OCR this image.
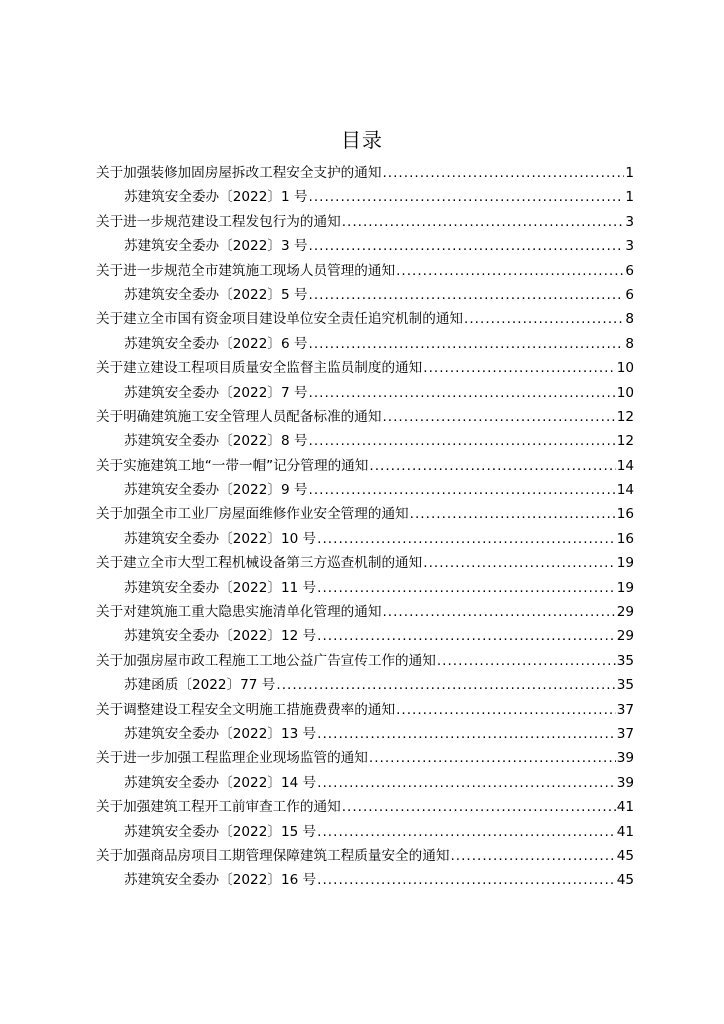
目录
关于加强装修加固房屋拆改工程安全支护的通知 .....	1
苏建筑安全委办〔2022〕1 号 .....	1
关于进一步规范建设工程发包行为的通知 .....	3
苏建筑安全委办〔2022〕3 号 .....	3
关于进一步规范全市建筑施工现场人员管理的通知 .....	6
苏建筑安全委办〔2022〕5 号 .....	6
关于建立全市国有资金项目建设单位安全责任追究机制的通知 .....	8
苏建筑安全委办〔2022〕6 号 .....	8
关于建立建设工程项目质量安全监督主监员制度的通知 .....	10
苏建筑安全委办〔2022〕7 号 .....	10
关于明确建筑施工安全管理人员配备标准的通知 .....	12
苏建筑安全委办〔2022〕8 号 .....	12
关于实施建筑工地“一带一帽”记分管理的通知 .....	14
苏建筑安全委办〔2022〕9 号 .....	14
关于加强全市工业厂房屋面维修作业安全管理的通知 .....	16
苏建筑安全委办〔2022〕10 号 .....	16
关于建立全市大型工程机械设备第三方巡查机制的通知 .....	19
苏建筑安全委办〔2022〕11 号 .....	19
关于对建筑施工重大隐患实施清单化管理的通知 .....	29
苏建筑安全委办〔2022〕12 号 .....	29
关于加强房屋市政工程施工工地公益广告宣传工作的通知 .....	35
苏建函质〔2022〕77 号 .....	35
关于调整建设工程安全文明施工措施费费率的通知 .....	37
苏建筑安全委办〔2022〕13 号 .....	37
关于进一步加强工程监理企业现场监管的通知 .....	39
苏建筑安全委办〔2022〕14 号 .....	39
关于加强建筑工程开工前审查工作的通知 .....	41
苏建筑安全委办〔2022〕15 号 .....	41
关于加强商品房项目工期管理保障建筑工程质量安全的通知 .....	45
苏建筑安全委办〔2022〕16 号 .....	45
